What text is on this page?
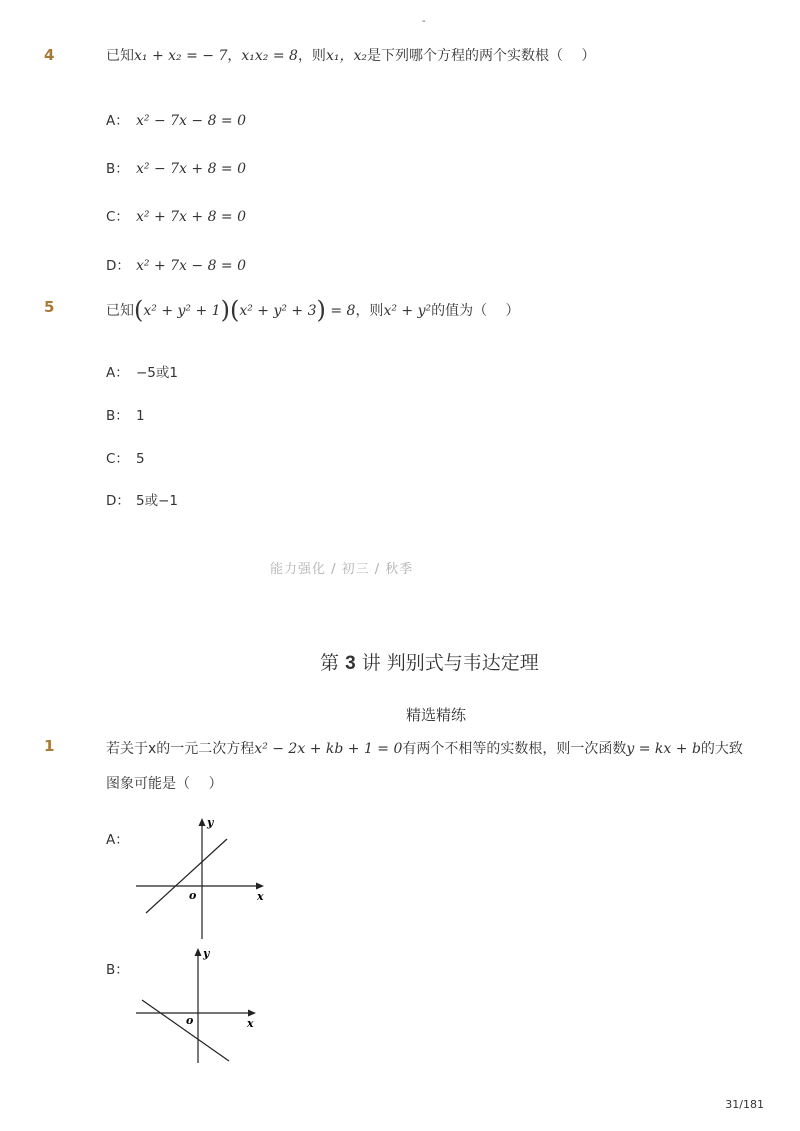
-
4	已知x₁ + x₂ = − 7，x₁x₂ = 8，则x₁，x₂是下列哪个方程的两个实数根（　 ）
A： x² − 7x − 8 = 0
B： x² − 7x + 8 = 0
C： x² + 7x + 8 = 0
D： x² + 7x − 8 = 0
5	已知(x² + y² + 1)(x² + y² + 3) = 8，则x² + y²的值为（　 ）
A： −5或1
B： 1
C： 5
D： 5或−1
能力强化 / 初三 / 秋季
第 3 讲 判别式与韦达定理
精选精练
1	若关于x的一元二次方程x² − 2x + kb + 1 = 0有两个不相等的实数根，则一次函数y = kx + b的大致
图象可能是（　 ）
A：
y
x
o
B：
y
x
o
31/181
